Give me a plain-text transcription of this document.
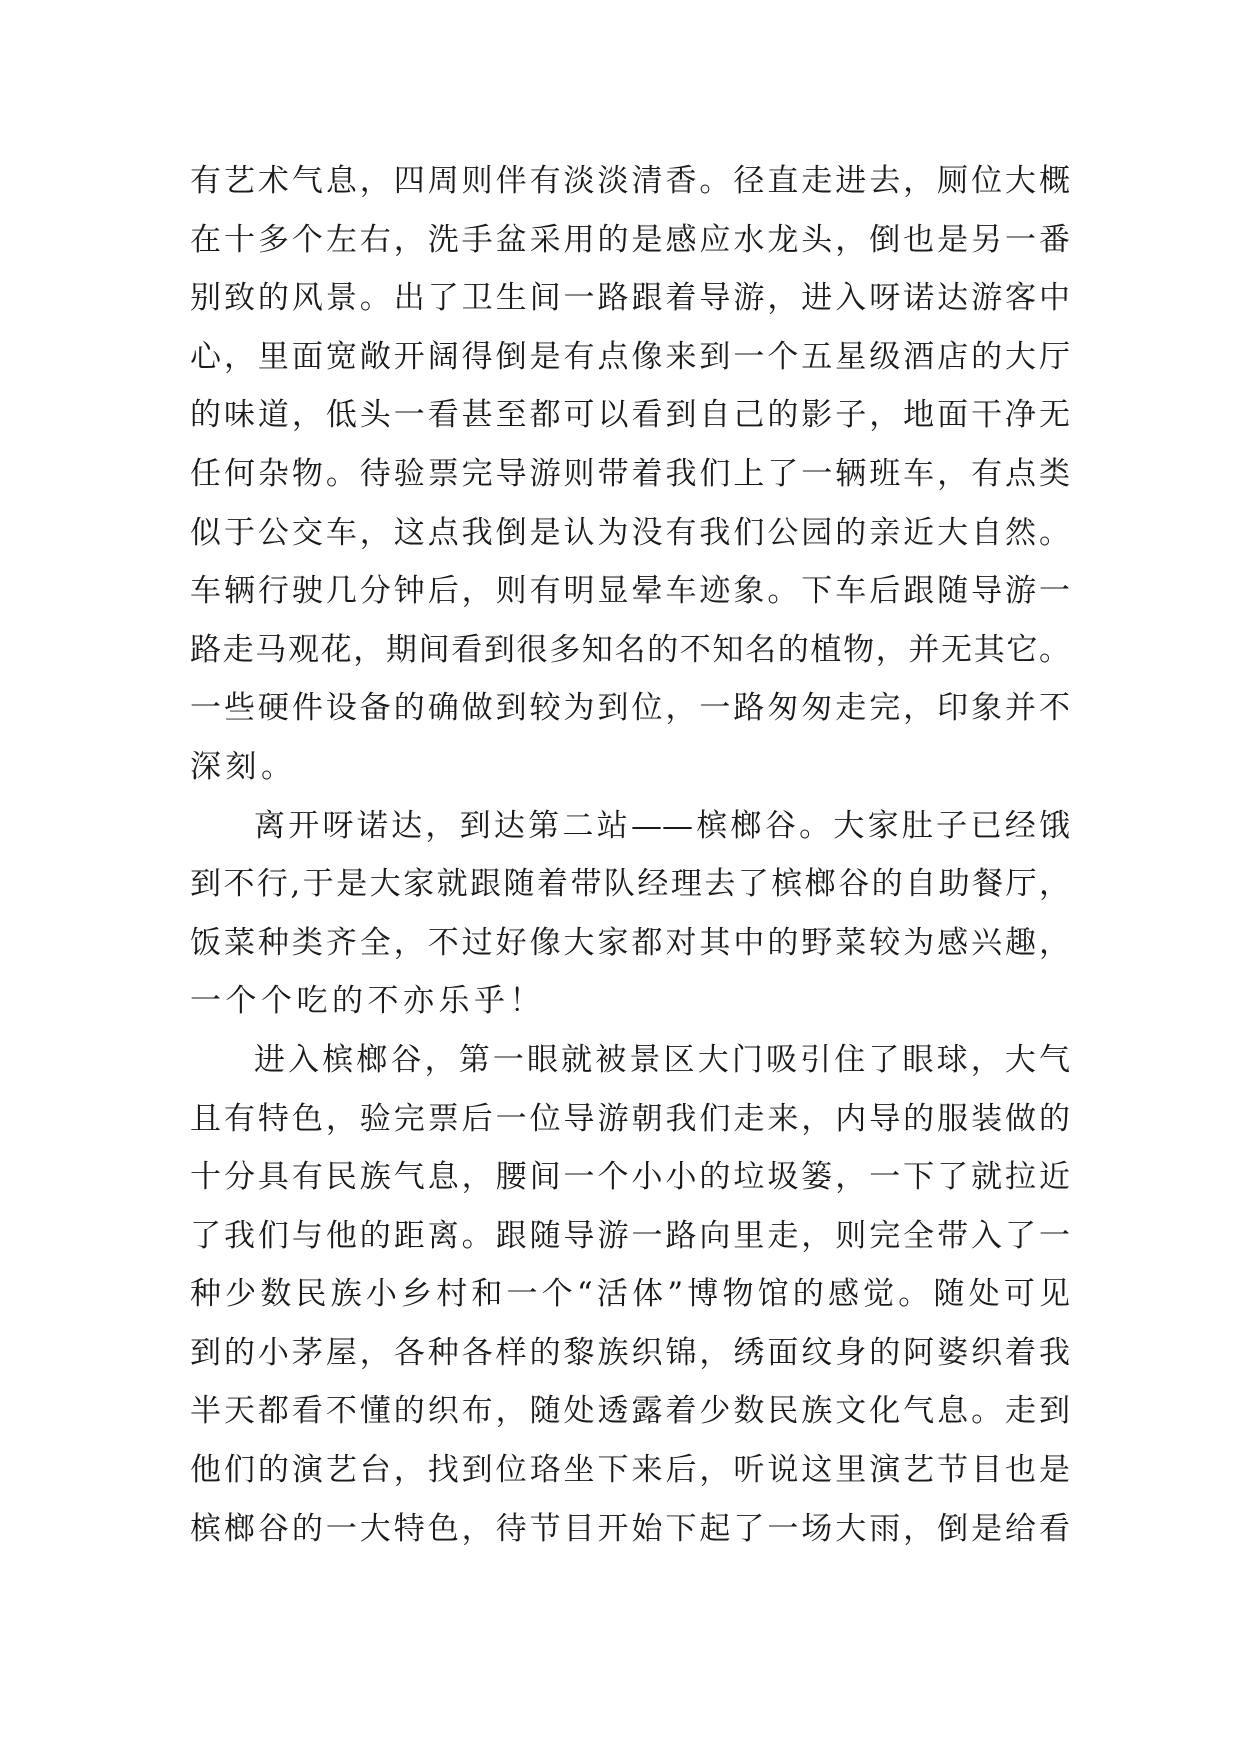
有艺术气息，四周则伴有淡淡清香。径直走进去，厕位大概
在十多个左右，洗手盆采用的是感应水龙头，倒也是另一番
别致的风景。出了卫生间一路跟着导游，进入呀诺达游客中
心，里面宽敞开阔得倒是有点像来到一个五星级酒店的大厅
的味道，低头一看甚至都可以看到自己的影子，地面干净无
任何杂物。待验票完导游则带着我们上了一辆班车，有点类
似于公交车，这点我倒是认为没有我们公园的亲近大自然。
车辆行驶几分钟后，则有明显晕车迹象。下车后跟随导游一
路走马观花，期间看到很多知名的不知名的植物，并无其它。
一些硬件设备的确做到较为到位，一路匆匆走完，印象并不
深刻。
离开呀诺达，到达第二站——槟榔谷。大家肚子已经饿
到不行,于是大家就跟随着带队经理去了槟榔谷的自助餐厅，
饭菜种类齐全，不过好像大家都对其中的野菜较为感兴趣，
一个个吃的不亦乐乎！
进入槟榔谷，第一眼就被景区大门吸引住了眼球，大气
且有特色，验完票后一位导游朝我们走来，内导的服装做的
十分具有民族气息，腰间一个小小的垃圾篓，一下了就拉近
了我们与他的距离。跟随导游一路向里走，则完全带入了一
种少数民族小乡村和一个“活体”博物馆的感觉。随处可见
到的小茅屋，各种各样的黎族织锦，绣面纹身的阿婆织着我
半天都看不懂的织布，随处透露着少数民族文化气息。走到
他们的演艺台，找到位珞坐下来后，听说这里演艺节目也是
槟榔谷的一大特色，待节目开始下起了一场大雨，倒是给看
